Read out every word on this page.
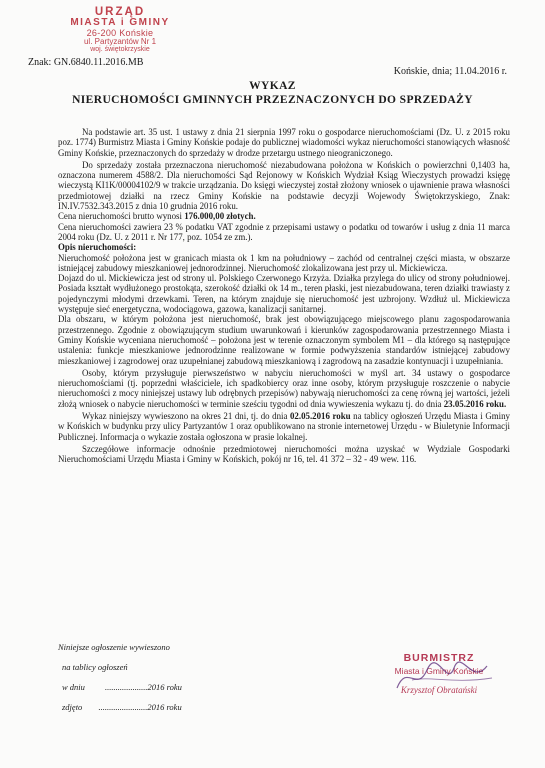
URZĄD
MIASTA i GMINY
26-200 Końskie
ul. Partyzantów Nr 1
woj. świętokrzyskie
Znak: GN.6840.11.2016.MB
Końskie, dnia; 11.04.2016 r.
WYKAZ
NIERUCHOMOŚCI GMINNYCH PRZEZNACZONYCH DO SPRZEDAŻY

Na podstawie art. 35 ust. 1 ustawy z dnia 21 sierpnia 1997 roku o gospodarce nieruchomościami (Dz. U. z 2015 roku poz. 1774) Burmistrz Miasta i Gminy Końskie podaje do publicznej wiadomości wykaz nieruchomości stanowiących własność Gminy Końskie, przeznaczonych do sprzedaży w drodze przetargu ustnego nieograniczonego.

Do sprzedaży została przeznaczona nieruchomość niezabudowana położona w Końskich o powierzchni 0,1403 ha, oznaczona numerem 4588/2. Dla nieruchomości Sąd Rejonowy w Końskich Wydział Ksiąg Wieczystych prowadzi księgę wieczystą KI1K/00004102/9 w trakcie urządzania. Do księgi wieczystej został złożony wniosek o ujawnienie prawa własności przedmiotowej działki na rzecz Gminy Końskie na podstawie decyzji Wojewody Świętokrzyskiego, Znak: IN.IV.7532.343.2015 z dnia 10 grudnia 2016 roku.

Cena nieruchomości brutto wynosi 176.000,00 złotych.

Cena nieruchomości zawiera 23 % podatku VAT zgodnie z przepisami ustawy o podatku od towarów i usług z dnia 11 marca 2004 roku (Dz. U. z 2011 r. Nr 177, poz. 1054 ze zm.).

Opis nieruchomości:

Nieruchomość położona jest w granicach miasta ok 1 km na południowy – zachód od centralnej części miasta, w obszarze istniejącej zabudowy mieszkaniowej jednorodzinnej. Nieruchomość zlokalizowana jest przy ul. Mickiewicza.

Dojazd do ul. Mickiewicza jest od strony ul. Polskiego Czerwonego Krzyża. Działka przylega do ulicy od strony południowej. Posiada kształt wydłużonego prostokąta, szerokość działki ok 14 m., teren płaski, jest niezabudowana, teren działki trawiasty z pojedynczymi młodymi drzewkami. Teren, na którym znajduje się nieruchomość jest uzbrojony. Wzdłuż ul. Mickiewicza występuje sieć energetyczna, wodociągowa, gazowa, kanalizacji sanitarnej.

Dla obszaru, w którym położona jest nieruchomość, brak jest obowiązującego miejscowego planu zagospodarowania przestrzennego. Zgodnie z obowiązującym studium uwarunkowań i kierunków zagospodarowania przestrzennego Miasta i Gminy Końskie wyceniana nieruchomość – położona jest w terenie oznaczonym symbolem M1 – dla którego są następujące ustalenia: funkcje mieszkaniowe jednorodzinne realizowane w formie podwyższenia standardów istniejącej zabudowy mieszkaniowej i zagrodowej oraz uzupełnianej zabudową mieszkaniową i zagrodową na zasadzie kontynuacji i uzupełniania.

Osoby, którym przysługuje pierwszeństwo w nabyciu nieruchomości w myśl art. 34 ustawy o gospodarce nieruchomościami (tj. poprzedni właściciele, ich spadkobiercy oraz inne osoby, którym przysługuje roszczenie o nabycie nieruchomości z mocy niniejszej ustawy lub odrębnych przepisów) nabywają nieruchomości za cenę równą jej wartości, jeżeli złożą wniosek o nabycie nieruchomości w terminie sześciu tygodni od dnia wywieszenia wykazu tj. do dnia 23.05.2016 roku.

Wykaz niniejszy wywieszono na okres 21 dni, tj. do dnia 02.05.2016 roku na tablicy ogłoszeń Urzędu Miasta i Gminy w Końskich w budynku przy ulicy Partyzantów 1 oraz opublikowano na stronie internetowej Urzędu - w Biuletynie Informacji Publicznej. Informacja o wykazie została ogłoszona w prasie lokalnej.

Szczegółowe informacje odnośnie przedmiotowej nieruchomości można uzyskać w Wydziale Gospodarki Nieruchomościami Urzędu Miasta i Gminy w Końskich, pokój nr 16, tel. 41 372 – 32 - 49 wew. 116.

Niniejsze ogłoszenie wywieszono
na tablicy ogłoszeń
w dniu ....................2016 roku
zdjęto .......................2016 roku
BURMISTRZ
Miasta i Gminy Końskie
Krzysztof Obratański
